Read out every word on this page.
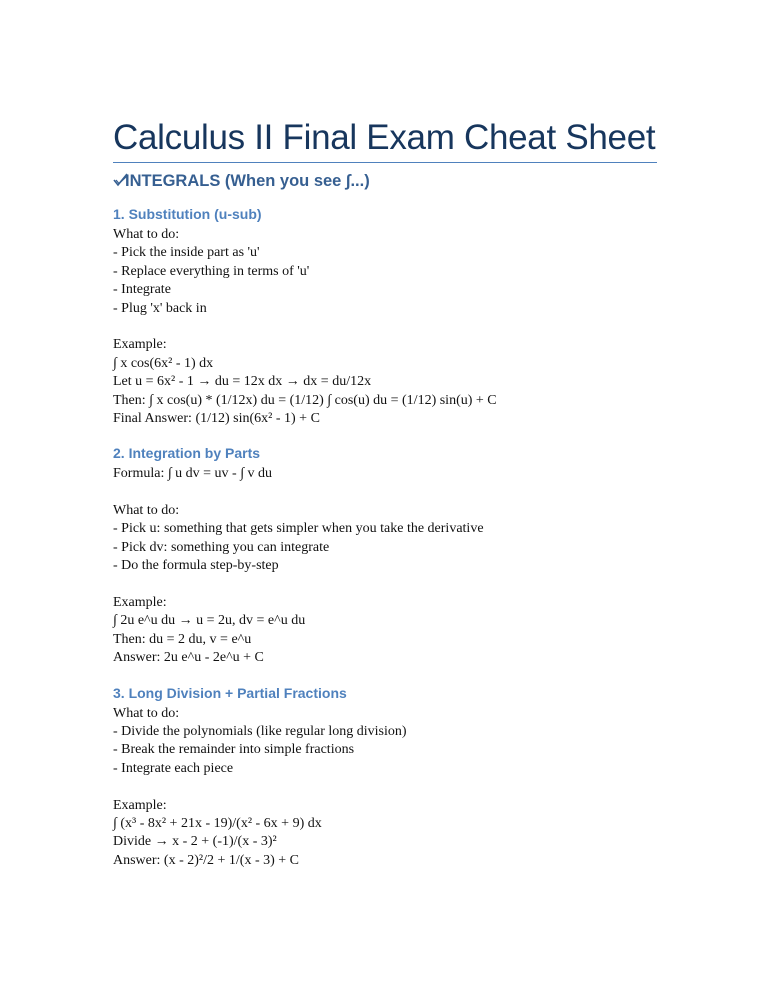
Calculus II Final Exam Cheat Sheet
INTEGRALS (When you see ∫...)
1. Substitution (u-sub)
What to do:
- Pick the inside part as 'u'
- Replace everything in terms of 'u'
- Integrate
- Plug 'x' back in
Example:
∫ x cos(6x² - 1) dx
Let u = 6x² - 1 → du = 12x dx → dx = du/12x
Then: ∫ x cos(u) * (1/12x) du = (1/12) ∫ cos(u) du = (1/12) sin(u) + C
Final Answer: (1/12) sin(6x² - 1) + C
2. Integration by Parts
Formula: ∫ u dv = uv - ∫ v du
What to do:
- Pick u: something that gets simpler when you take the derivative
- Pick dv: something you can integrate
- Do the formula step-by-step
Example:
∫ 2u e^u du → u = 2u, dv = e^u du
Then: du = 2 du, v = e^u
Answer: 2u e^u - 2e^u + C
3. Long Division + Partial Fractions
What to do:
- Divide the polynomials (like regular long division)
- Break the remainder into simple fractions
- Integrate each piece
Example:
∫ (x³ - 8x² + 21x - 19)/(x² - 6x + 9) dx
Divide → x - 2 + (-1)/(x - 3)²
Answer: (x - 2)²/2 + 1/(x - 3) + C
